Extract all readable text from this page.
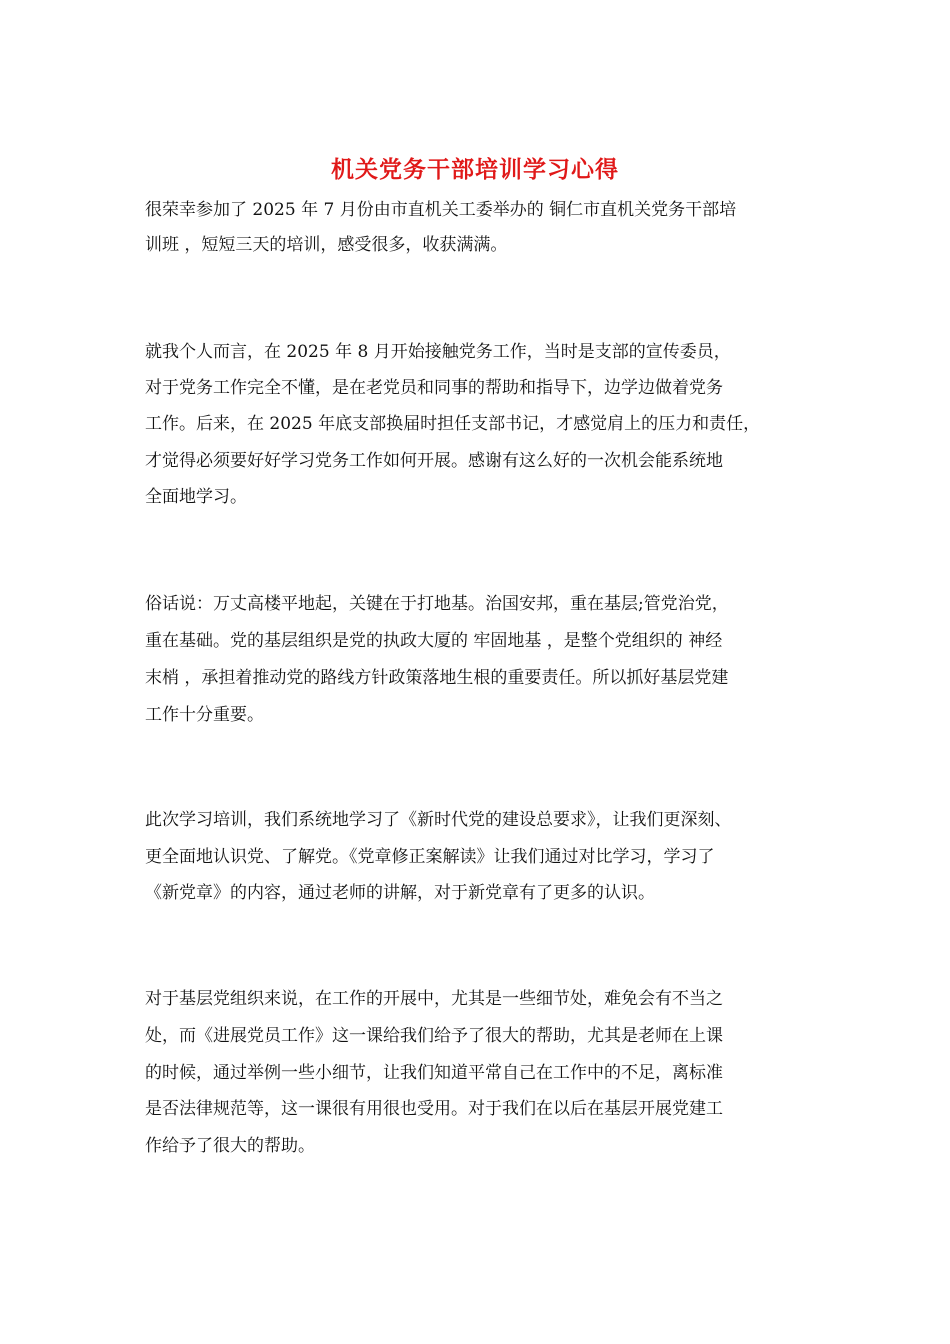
机关党务干部培训学习心得
很荣幸参加了 2025 年 7 月份由市直机关工委举办的 铜仁市直机关党务干部培
训班 ，短短三天的培训，感受很多，收获满满。
就我个人而言，在 2025 年 8 月开始接触党务工作，当时是支部的宣传委员，
对于党务工作完全不懂，是在老党员和同事的帮助和指导下，边学边做着党务
工作。后来，在 2025 年底支部换届时担任支部书记，才感觉肩上的压力和责任，
才觉得必须要好好学习党务工作如何开展。感谢有这么好的一次机会能系统地
全面地学习。
俗话说：万丈高楼平地起，关键在于打地基。治国安邦，重在基层;管党治党，
重在基础。党的基层组织是党的执政大厦的 牢固地基 ，是整个党组织的 神经
末梢 ，承担着推动党的路线方针政策落地生根的重要责任。所以抓好基层党建
工作十分重要。
此次学习培训，我们系统地学习了《新时代党的建设总要求》，让我们更深刻、
更全面地认识党、了解党。《党章修正案解读》让我们通过对比学习，学习了
《新党章》的内容，通过老师的讲解，对于新党章有了更多的认识。
对于基层党组织来说，在工作的开展中，尤其是一些细节处，难免会有不当之
处，而《进展党员工作》这一课给我们给予了很大的帮助，尤其是老师在上课
的时候，通过举例一些小细节，让我们知道平常自己在工作中的不足，离标准
是否法律规范等，这一课很有用很也受用。对于我们在以后在基层开展党建工
作给予了很大的帮助。
